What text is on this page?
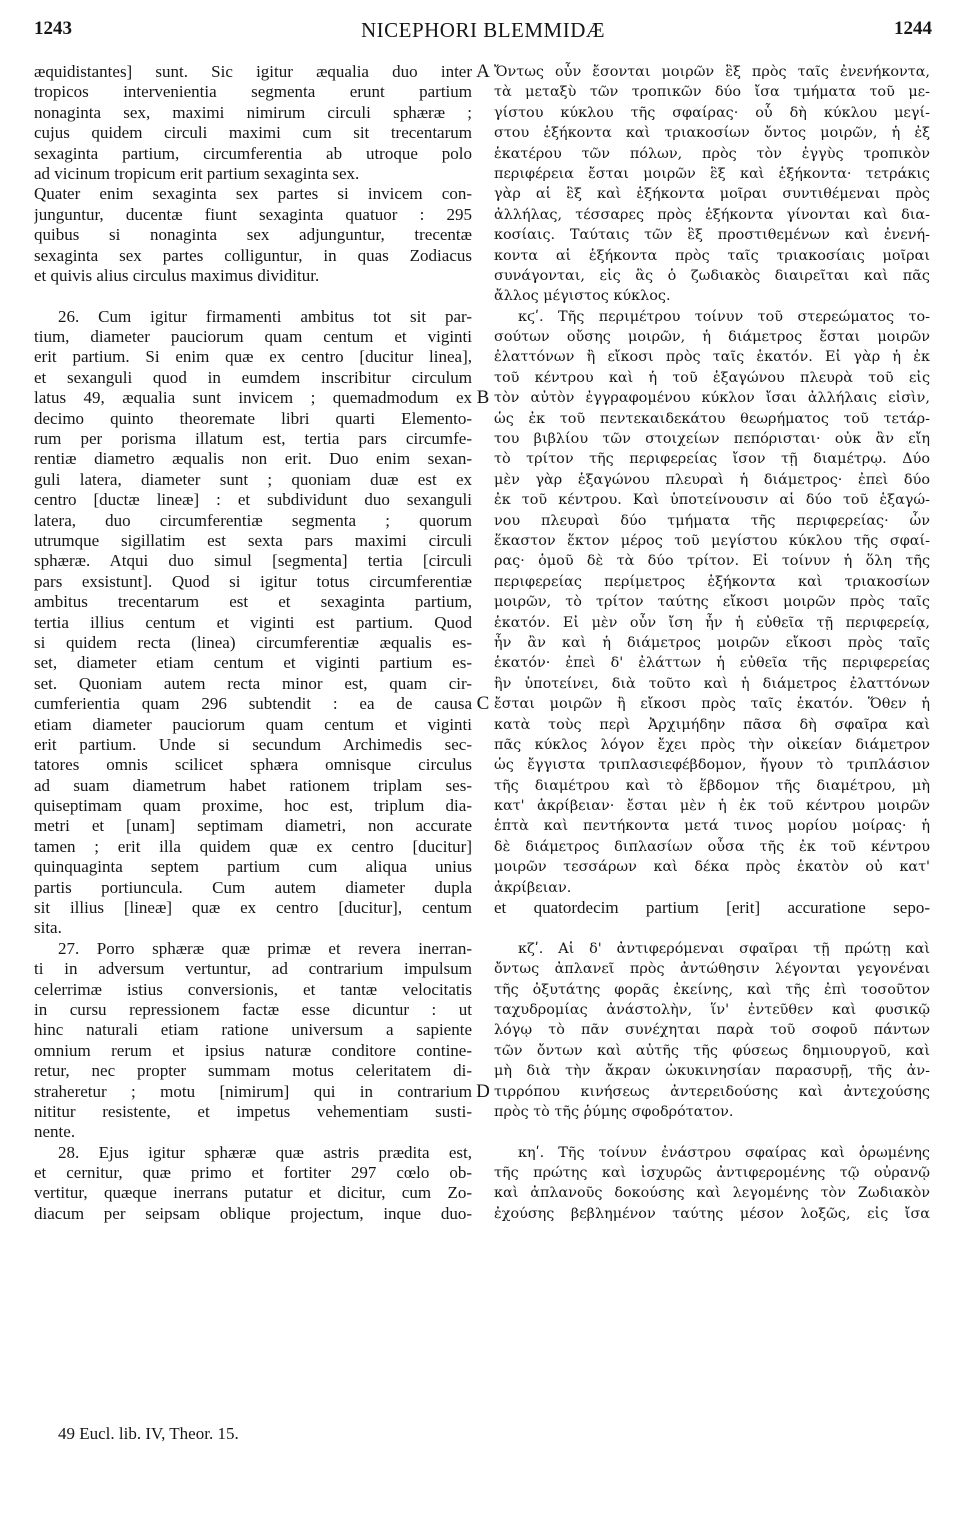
1243	NICEPHORI BLEMMIDÆ	1244
æquidistantes] sunt. Sic igitur æqualia duo inter
tropicos intervenientia segmenta erunt partium
nonaginta sex, maximi nimirum circuli sphæræ ;
cujus quidem circuli maximi cum sit trecentarum
sexaginta partium, circumferentia ab utroque polo
ad vicinum tropicum erit partium sexaginta sex.
Quater enim sexaginta sex partes si invicem con-
junguntur, ducentæ fiunt sexaginta quatuor : 295
quibus si nonaginta sex adjunguntur, trecentæ
sexaginta sex partes colliguntur, in quas Zodiacus
et quivis alius circulus maximus dividitur.
26. Cum igitur firmamenti ambitus tot sit par-
tium, diameter pauciorum quam centum et viginti
erit partium. Si enim quæ ex centro [ducitur linea],
et sexanguli quod in eumdem inscribitur circulum
latus 49, æqualia sunt invicem ; quemadmodum ex
decimo quinto theoremate libri quarti Elemento-
rum per porisma illatum est, tertia pars circumfe-
rentiæ diametro æqualis non erit. Duo enim sexan-
guli latera, diameter sunt ; quoniam duæ est ex
centro [ductæ lineæ] : et subdividunt duo sexanguli
latera, duo circumferentiæ segmenta ; quorum
utrumque sigillatim est sexta pars maximi circuli
sphæræ. Atqui duo simul [segmenta] tertia [circuli
pars exsistunt]. Quod si igitur totus circumferentiæ
ambitus trecentarum est et sexaginta partium,
tertia illius centum et viginti est partium. Quod
si quidem recta (linea) circumferentiæ æqualis es-
set, diameter etiam centum et viginti partium es-
set. Quoniam autem recta minor est, quam cir-
cumferientia quam 296 subtendit : ea de causa
etiam diameter pauciorum quam centum et viginti
erit partium. Unde si secundum Archimedis sec-
tatores omnis scilicet sphæra omnisque circulus
ad suam diametrum habet rationem triplam ses-
quiseptimam quam proxime, hoc est, triplum dia-
metri et [unam] septimam diametri, non accurate
tamen ; erit illa quidem quæ ex centro [ducitur]
quinquaginta septem partium cum aliqua unius
partis portiuncula. Cum autem diameter dupla
sit illius [lineæ] quæ ex centro [ducitur], centum
sita.
27. Porro sphæræ quæ primæ et revera inerran-
ti in adversum vertuntur, ad contrarium impulsum
celerrimæ istius conversionis, et tantæ velocitatis
in cursu repressionem factæ esse dicuntur : ut
hinc naturali etiam ratione universum a sapiente
omnium rerum et ipsius naturæ conditore contine-
retur, nec propter summam motus celeritatem di-
straheretur ; motu [nimirum] qui in contrarium
nititur resistente, et impetus vehementiam susti-
nente.
28. Ejus igitur sphæræ quæ astris prædita est,
et cernitur, quæ primo et fortiter 297 cœlo ob-
vertitur, quæque inerrans putatur et dicitur, cum Zo-
diacum per seipsam oblique projectum, inque duo-
Ὄντως οὖν ἔσονται μοιρῶν ἓξ πρὸς ταῖς ἐνενήκοντα,
τὰ μεταξὺ τῶν τροπικῶν δύο ἴσα τμήματα τοῦ με-
γίστου κύκλου τῆς σφαίρας· οὗ δὴ κύκλου μεγί-
στου ἑξήκοντα καὶ τριακοσίων ὄντος μοιρῶν, ἡ ἐξ
ἑκατέρου τῶν πόλων, πρὸς τὸν ἐγγὺς τροπικὸν
περιφέρεια ἔσται μοιρῶν ἓξ καὶ ἑξήκοντα· τετράκις
γὰρ αἱ ἓξ καὶ ἑξήκοντα μοῖραι συντιθέμεναι πρὸς
ἀλλήλας, τέσσαρες πρὸς ἑξήκοντα γίνονται καὶ δια-
κοσίαις. Ταύταις τῶν ἓξ προστιθεμένων καὶ ἐνενή-
κοντα αἱ ἑξήκοντα πρὸς ταῖς τριακοσίαις μοῖραι
συνάγονται, εἰς ἃς ὁ ζωδιακὸς διαιρεῖται καὶ πᾶς
ἄλλος μέγιστος κύκλος.
κϛʹ. Τῆς περιμέτρου τοίνυν τοῦ στερεώματος το-
σούτων οὔσης μοιρῶν, ἡ διάμετρος ἔσται μοιρῶν
ἐλαττόνων ἢ εἴκοσι πρὸς ταῖς ἑκατόν. Εἰ γὰρ ἡ ἐκ
τοῦ κέντρου καὶ ἡ τοῦ ἑξαγώνου πλευρὰ τοῦ εἰς
τὸν αὐτὸν ἐγγραφομένου κύκλον ἴσαι ἀλλήλαις εἰσὶν,
ὡς ἐκ τοῦ πεντεκαιδεκάτου θεωρήματος τοῦ τετάρ-
του βιβλίου τῶν στοιχείων πεπόρισται· οὐκ ἂν εἴη
τὸ τρίτον τῆς περιφερείας ἴσον τῇ διαμέτρῳ. Δύο
μὲν γὰρ ἑξαγώνου πλευραὶ ἡ διάμετρος· ἐπεὶ δύο
ἐκ τοῦ κέντρου. Καὶ ὑποτείνουσιν αἱ δύο τοῦ ἑξαγώ-
νου πλευραὶ δύο τμήματα τῆς περιφερείας· ὧν
ἕκαστον ἕκτον μέρος τοῦ μεγίστου κύκλου τῆς σφαί-
ρας· ὁμοῦ δὲ τὰ δύο τρίτον. Εἰ τοίνυν ἡ ὅλη τῆς
περιφερείας περίμετρος ἑξήκοντα καὶ τριακοσίων
μοιρῶν, τὸ τρίτον ταύτης εἴκοσι μοιρῶν πρὸς ταῖς
ἑκατόν. Εἰ μὲν οὖν ἴση ἦν ἡ εὐθεῖα τῇ περιφερείᾳ,
ἦν ἂν καὶ ἡ διάμετρος μοιρῶν εἴκοσι πρὸς ταῖς
ἑκατόν· ἐπεὶ δ' ἐλάττων ἡ εὐθεῖα τῆς περιφερείας
ἣν ὑποτείνει, διὰ τοῦτο καὶ ἡ διάμετρος ἐλαττόνων
ἔσται μοιρῶν ἢ εἴκοσι πρὸς ταῖς ἑκατόν. Ὅθεν ἡ
κατὰ τοὺς περὶ Ἀρχιμήδην πᾶσα δὴ σφαῖρα καὶ
πᾶς κύκλος λόγον ἔχει πρὸς τὴν οἰκείαν διάμετρον
ὡς ἔγγιστα τριπλασιεφέβδομον, ἤγουν τὸ τριπλάσιον
τῆς διαμέτρου καὶ τὸ ἕβδομον τῆς διαμέτρου, μὴ
κατ' ἀκρίβειαν· ἔσται μὲν ἡ ἐκ τοῦ κέντρου μοιρῶν
ἑπτὰ καὶ πεντήκοντα μετά τινος μορίου μοίρας· ἡ
δὲ διάμετρος διπλασίων οὖσα τῆς ἐκ τοῦ κέντρου
μοιρῶν τεσσάρων καὶ δέκα πρὸς ἑκατὸν οὐ κατ'
ἀκρίβειαν.
et quatordecim partium [erit] accuratione sepo-
κζʹ. Αἱ δ' ἀντιφερόμεναι σφαῖραι τῇ πρώτῃ καὶ
ὄντως ἀπλανεῖ πρὸς ἀντώθησιν λέγονται γεγονέναι
τῆς ὀξυτάτης φορᾶς ἐκείνης, καὶ τῆς ἐπὶ τοσοῦτον
ταχυδρομίας ἀνάστολὴν, ἵν' ἐντεῦθεν καὶ φυσικῷ
λόγῳ τὸ πᾶν συνέχηται παρὰ τοῦ σοφοῦ πάντων
τῶν ὄντων καὶ αὐτῆς τῆς φύσεως δημιουργοῦ, καὶ
μὴ διὰ τὴν ἄκραν ὠκυκινησίαν παρασυρῇ, τῆς ἀν-
τιρρόπου κινήσεως ἀντερειδούσης καὶ ἀντεχούσης
πρὸς τὸ τῆς ῥύμης σφοδρότατον.
κηʹ. Τῆς τοίνυν ἐνάστρου σφαίρας καὶ ὁρωμένης
τῆς πρώτης καὶ ἰσχυρῶς ἀντιφερομένης τῷ οὐρανῷ
καὶ ἀπλανοῦς δοκούσης καὶ λεγομένης τὸν Ζωδιακὸν
ἐχούσης βεβλημένον ταύτης μέσον λοξῶς, εἰς ἴσα
A
B
C
D
49 Eucl. lib. IV, Theor. 15.
